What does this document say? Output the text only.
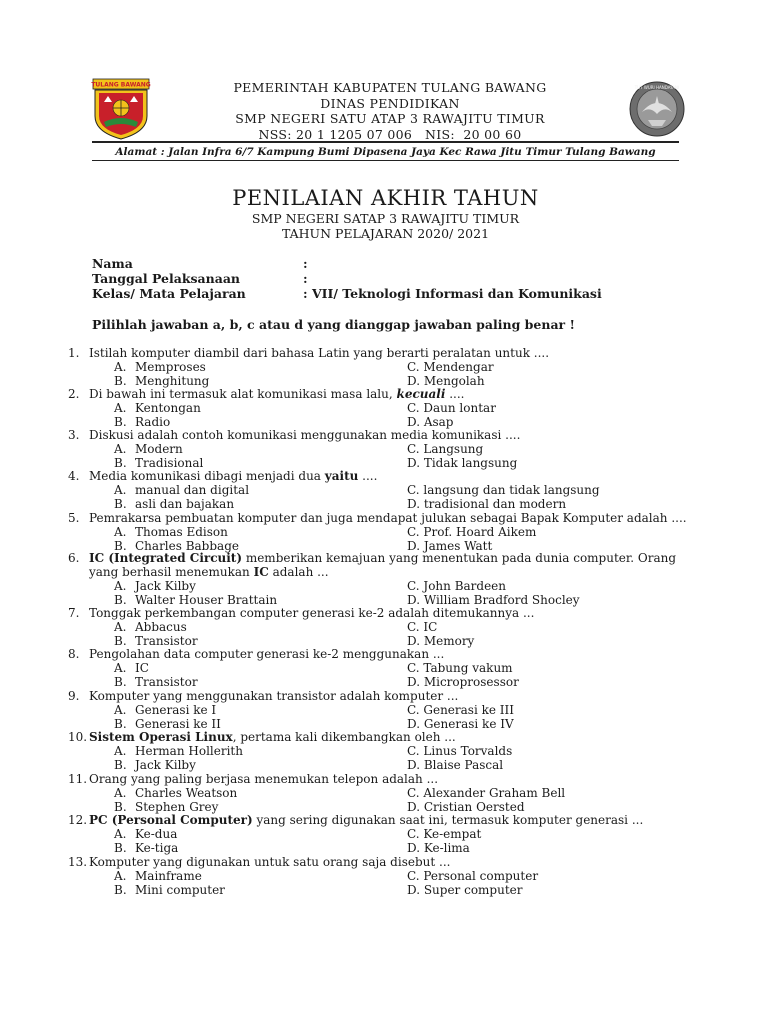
TULANG BAWANG	TUT WURI HANDAYANI
PEMERINTAH KABUPATEN TULANG BAWANG
DINAS PENDIDIKAN
SMP NEGERI SATU ATAP 3 RAWAJITU TIMUR
NSS: 20 1 1205 07 006   NIS:  20 00 60
Alamat : Jalan Infra 6/7 Kampung Bumi Dipasena Jaya Kec Rawa Jitu Timur Tulang Bawang
PENILAIAN AKHIR TAHUN
SMP NEGERI SATAP 3 RAWAJITU TIMUR
TAHUN PELAJARAN 2020/ 2021
Nama	:
Tanggal Pelaksanaan	:
Kelas/ Mata Pelajaran	: VII/ Teknologi Informasi dan Komunikasi
Pilihlah jawaban a, b, c atau d yang dianggap jawaban paling benar !
1. Istilah komputer diambil dari bahasa Latin yang berarti peralatan untuk ....
A. Memproses	C. Mendengar
B. Menghitung	D. Mengolah
2. Di bawah ini termasuk alat komunikasi masa lalu, kecuali ....
A. Kentongan	C. Daun lontar
B. Radio	D. Asap
3. Diskusi adalah contoh komunikasi menggunakan media komunikasi ....
A. Modern	C. Langsung
B. Tradisional	D. Tidak langsung
4. Media komunikasi dibagi menjadi dua yaitu ....
A. manual dan digital	C. langsung dan tidak langsung
B. asli dan bajakan	D. tradisional dan modern
5. Pemrakarsa pembuatan komputer dan juga mendapat julukan sebagai Bapak Komputer adalah ....
A. Thomas Edison	C. Prof. Hoard Aikem
B. Charles Babbage	D. James Watt
6. IC (Integrated Circuit) memberikan kemajuan yang menentukan pada dunia computer. Orang yang berhasil menemukan IC adalah ...
A. Jack Kilby	C. John Bardeen
B. Walter Houser Brattain	D. William Bradford Shocley
7. Tonggak perkembangan computer generasi ke-2 adalah ditemukannya ...
A. Abbacus	C. IC
B. Transistor	D. Memory
8. Pengolahan data computer generasi ke-2 menggunakan ...
A. IC	C. Tabung vakum
B. Transistor	D. Microprosessor
9. Komputer yang menggunakan transistor adalah komputer ...
A. Generasi ke I	C. Generasi ke III
B. Generasi ke II	D. Generasi ke IV
10. Sistem Operasi Linux, pertama kali dikembangkan oleh ...
A. Herman Hollerith	C. Linus Torvalds
B. Jack Kilby	D. Blaise Pascal
11. Orang yang paling berjasa menemukan telepon adalah ...
A. Charles Weatson	C. Alexander Graham Bell
B. Stephen Grey	D. Cristian Oersted
12. PC (Personal Computer) yang sering digunakan saat ini, termasuk komputer generasi ...
A. Ke-dua	C. Ke-empat
B. Ke-tiga	D. Ke-lima
13. Komputer yang digunakan untuk satu orang saja disebut ...
A. Mainframe	C. Personal computer
B. Mini computer	D. Super computer
